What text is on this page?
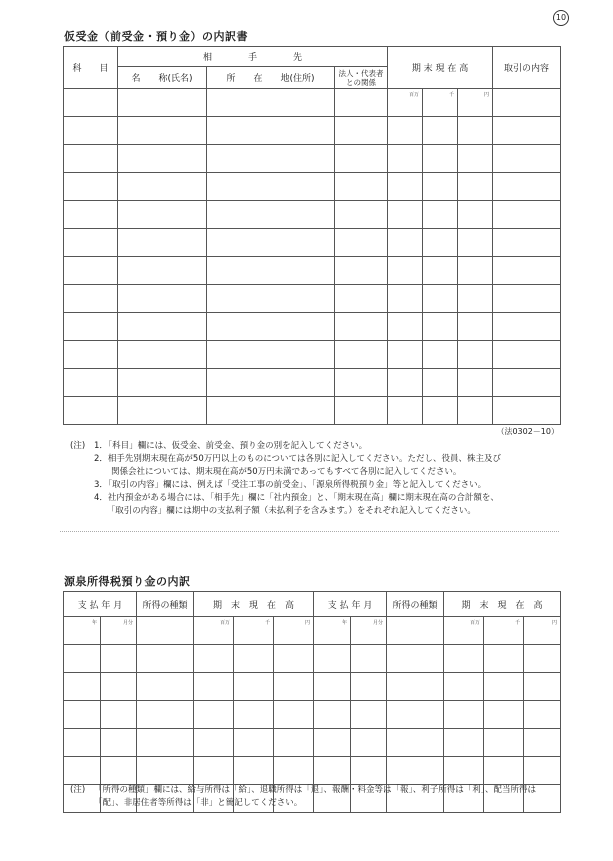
10
仮受金（前受金・預り金）の内訳書
科　　目	相　　　　手　　　　先			期 末 現 在 高			取引の内容
	名　　称(氏名)	所　　在　　地(住所)	法人・代表者との関係				

				百万	千	円	

（法0302－10）
(注) 1．「科目」欄には、仮受金、前受金、預り金の別を記入してください。
2．相手先別期末現在高が50万円以上のものについては各別に記入してください。ただし、役員、株主及び
　　関係会社については、期末現在高が50万円未満であってもすべて各別に記入してください。
3．「取引の内容」欄には、例えば「受注工事の前受金」、「源泉所得税預り金」等と記入してください。
4．社内預金がある場合には、「相手先」欄に「社内預金」と、「期末現在高」欄に期末現在高の合計額を、
　　「取引の内容」欄には期中の支払利子額（未払利子を含みます。）をそれぞれ記入してください。
源泉所得税預り金の内訳
支 払 年 月		所得の種類	期　末　現　在　高			支 払 年 月		所得の種類	期　末　現　在　高		

年	月分		百万	千	円	年	月分		百万	千	円

(注) 「所得の種類」欄には、給与所得は「給」、退職所得は「退」、報酬・料金等は「報」、利子所得は「利」、配当所得は
「配」、非居住者等所得は「非」と簡記してください。
